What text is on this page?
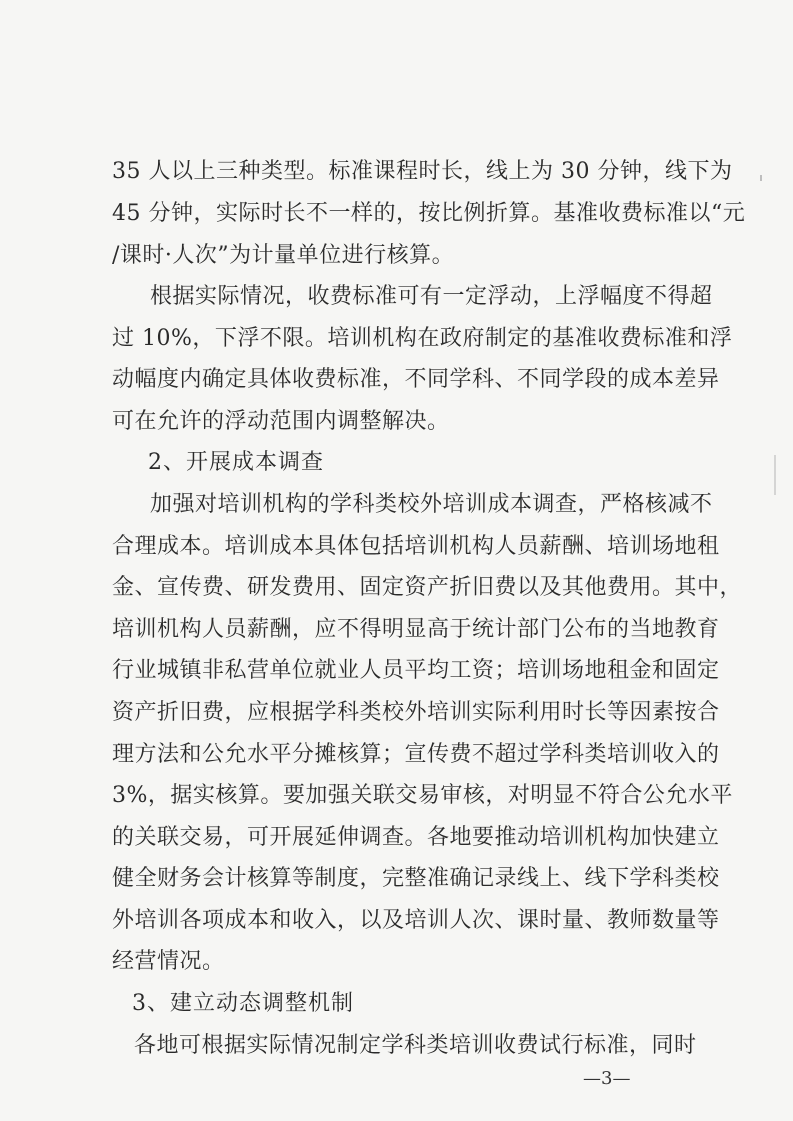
35 人以上三种类型。标准课程时长，线上为 30 分钟，线下为
45 分钟，实际时长不一样的，按比例折算。基准收费标准以“元
/课时·人次”为计量单位进行核算。
根据实际情况，收费标准可有一定浮动，上浮幅度不得超
过 10%，下浮不限。培训机构在政府制定的基准收费标准和浮
动幅度内确定具体收费标准，不同学科、不同学段的成本差异
可在允许的浮动范围内调整解决。
2、开展成本调查
加强对培训机构的学科类校外培训成本调查，严格核减不
合理成本。培训成本具体包括培训机构人员薪酬、培训场地租
金、宣传费、研发费用、固定资产折旧费以及其他费用。其中，
培训机构人员薪酬，应不得明显高于统计部门公布的当地教育
行业城镇非私营单位就业人员平均工资；培训场地租金和固定
资产折旧费，应根据学科类校外培训实际利用时长等因素按合
理方法和公允水平分摊核算；宣传费不超过学科类培训收入的
3%，据实核算。要加强关联交易审核，对明显不符合公允水平
的关联交易，可开展延伸调查。各地要推动培训机构加快建立
健全财务会计核算等制度，完整准确记录线上、线下学科类校
外培训各项成本和收入，以及培训人次、课时量、教师数量等
经营情况。
3、建立动态调整机制
各地可根据实际情况制定学科类培训收费试行标准，同时
—3—
